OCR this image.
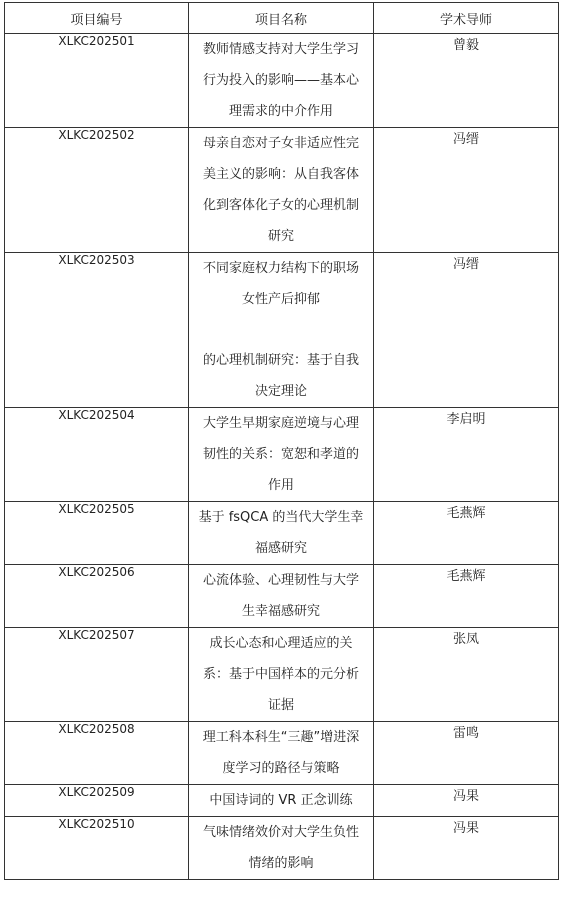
项目编号	项目名称	学术导师
XLKC202501	教师情感支持对大学生学习
行为投入的影响——基本心
理需求的中介作用	曾毅
XLKC202502	母亲自恋对子女非适应性完
美主义的影响：从自我客体
化到客体化子女的心理机制
研究	冯缙
XLKC202503	不同家庭权力结构下的职场
女性产后抑郁
的心理机制研究：基于自我
决定理论	冯缙
XLKC202504	大学生早期家庭逆境与心理
韧性的关系：宽恕和孝道的
作用	李启明
XLKC202505	基于 fsQCA 的当代大学生幸
福感研究	毛燕辉
XLKC202506	心流体验、心理韧性与大学
生幸福感研究	毛燕辉
XLKC202507	成长心态和心理适应的关
系：基于中国样本的元分析
证据	张凤
XLKC202508	理工科本科生“三趣”增进深
度学习的路径与策略	雷鸣
XLKC202509	中国诗词的 VR 正念训练	冯果
XLKC202510	气味情绪效价对大学生负性
情绪的影响	冯果
